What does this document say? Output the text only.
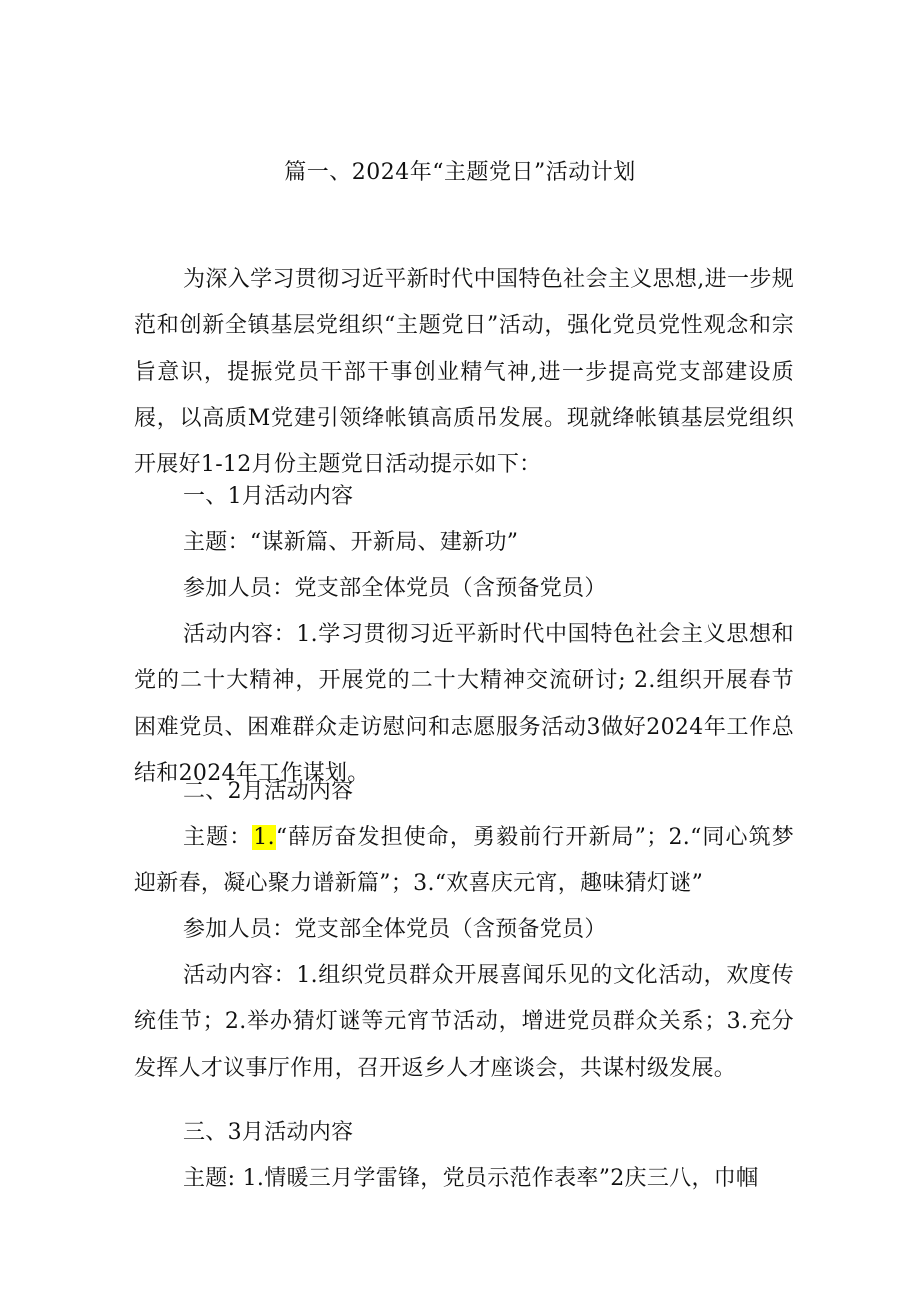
篇一、2024年“主题党日”活动计划

为深入学习贯彻习近平新时代中国特色社会主义思想,进一步规范和创新全镇基层党组织“主题党日”活动，强化党员党性观念和宗旨意识，提振党员干部干事创业精气神,进一步提高党支部建设质屐，以高质M党建引领绛帐镇高质吊发展。现就绛帐镇基层党组织开展好1-12月份主题党日活动提示如下：

一、1月活动内容

主题：“谋新篇、开新局、建新功”

参加人员：党支部全体党员（含预备党员）

活动内容：1.学习贯彻习近平新时代中国特色社会主义思想和党的二十大精神，开展党的二十大精神交流研讨; 2.组织开展春节困难党员、困难群众走访慰问和志愿服务活动3做好2024年工作总结和2024年工作谋划。

二、2月活动内容

主题：1.“薛厉奋发担使命，勇毅前行开新局”；2.“同心筑梦迎新春，凝心聚力谱新篇”；3.“欢喜庆元宵，趣味猜灯谜”

参加人员：党支部全体党员（含预备党员）

活动内容：1.组织党员群众开展喜闻乐见的文化活动，欢度传统佳节；2.举办猜灯谜等元宵节活动，增进党员群众关系；3.充分发挥人才议事厅作用，召开返乡人才座谈会，共谋村级发展。

三、3月活动内容

主题: 1.情暖三月学雷锋，党员示范作表率”2庆三八，巾帼
